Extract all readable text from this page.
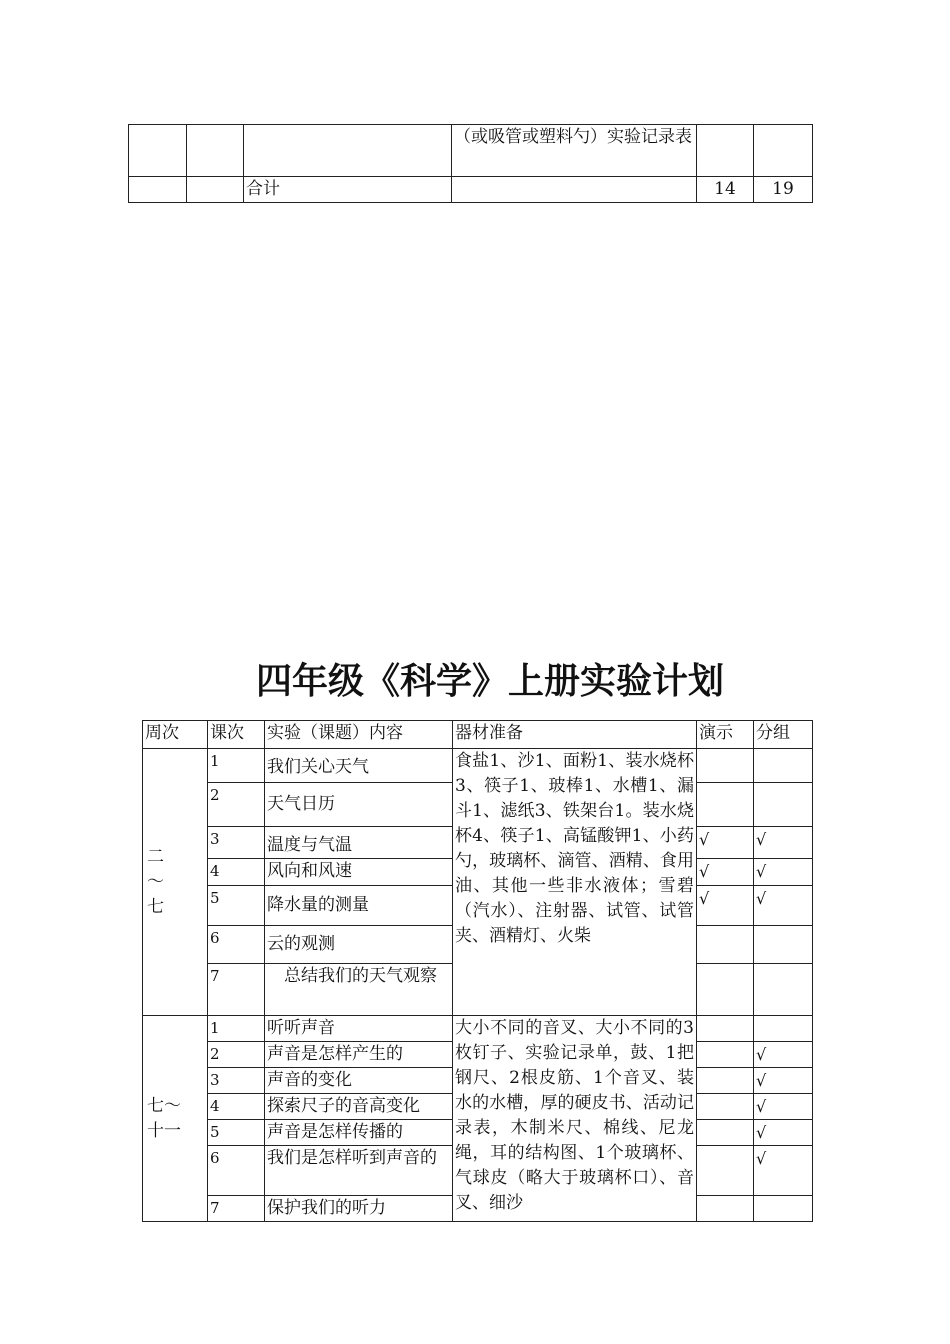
			（或吸管或塑料勺）实验记录表		
		合计		14	19
四年级《科学》上册实验计划
周次	课次	实验（课题）内容	器材准备	演示	分组

二～七	1	我们关心天气	食盐1、沙1、面粉1、装水烧杯3、筷子1、玻棒1、水槽1、漏斗1、滤纸3、铁架台1。装水烧杯4、筷子1、高锰酸钾1、小药勺，玻璃杯、滴管、酒精、食用油、其他一些非水液体；雪碧（汽水）、注射器、试管、试管夹、酒精灯、火柴		
	2	天气日历			
	3	温度与气温		√	√
	4	风向和风速		√	√
	5	降水量的测量		√	√
	6	云的观测			
	7	　总结我们的天气观察			

七～十一	1	听听声音	大小不同的音叉、大小不同的3枚钉子、实验记录单，鼓、1把钢尺、2根皮筋、1个音叉、装水的水槽，厚的硬皮书、活动记录表，木制米尺、棉线、尼龙绳，耳的结构图、1个玻璃杯、气球皮（略大于玻璃杯口）、音叉、细沙		
	2	声音是怎样产生的			√
	3	声音的变化			√
	4	探索尺子的音高变化			√
	5	声音是怎样传播的			√
	6	我们是怎样听到声音的			√
	7	保护我们的听力			
